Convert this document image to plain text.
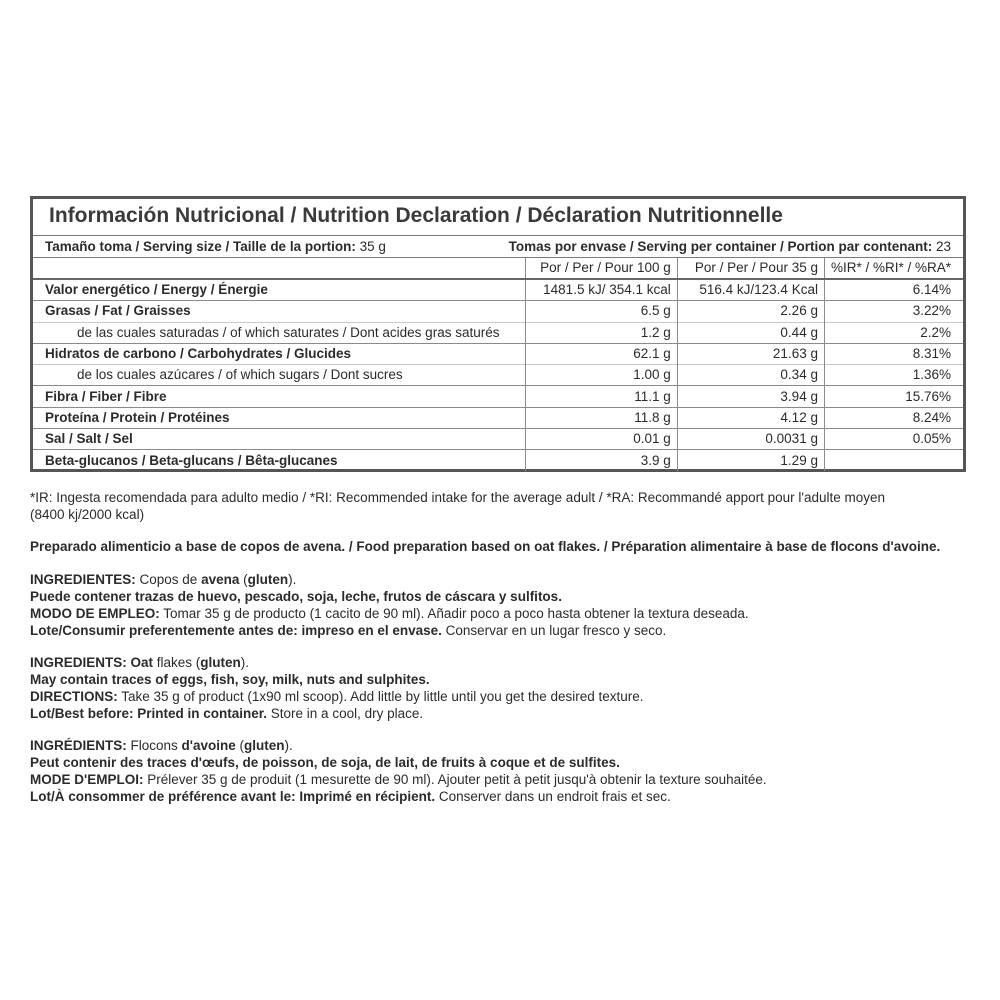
Información Nutricional / Nutrition Declaration / Déclaration Nutritionnelle
Tamaño toma / Serving size / Taille de la portion: 35 g	Tomas por envase / Serving per container / Portion par contenant: 23
	Por / Per / Pour 100 g	Por / Per / Pour 35 g	%IR* / %RI* / %RA*
Valor energético / Energy / Énergie	1481.5 kJ/ 354.1 kcal	516.4 kJ/123.4 Kcal	6.14%
Grasas / Fat / Graisses	6.5 g	2.26 g	3.22%
de las cuales saturadas / of which saturates / Dont acides gras saturés	1.2 g	0.44 g	2.2%
Hidratos de carbono / Carbohydrates / Glucides	62.1 g	21.63 g	8.31%
de los cuales azúcares / of which sugars / Dont sucres	1.00 g	0.34 g	1.36%
Fibra / Fiber / Fibre	11.1 g	3.94 g	15.76%
Proteína / Protein / Protéines	11.8 g	4.12 g	8.24%
Sal / Salt / Sel	0.01 g	0.0031 g	0.05%
Beta-glucanos / Beta-glucans / Bêta-glucanes	3.9 g	1.29 g	

*IR: Ingesta recomendada para adulto medio / *RI: Recommended intake for the average adult / *RA: Recommandé apport pour l'adulte moyen

(8400 kj/2000 kcal)

Preparado alimenticio a base de copos de avena. / Food preparation based on oat flakes. / Préparation alimentaire à base de flocons d'avoine.

INGREDIENTES: Copos de avena (gluten).

Puede contener trazas de huevo, pescado, soja, leche, frutos de cáscara y sulfitos.

MODO DE EMPLEO: Tomar 35 g de producto (1 cacito de 90 ml). Añadir poco a poco hasta obtener la textura deseada.

Lote/Consumir preferentemente antes de: impreso en el envase. Conservar en un lugar fresco y seco.

INGREDIENTS: Oat flakes (gluten).

May contain traces of eggs, fish, soy, milk, nuts and sulphites.

DIRECTIONS: Take 35 g of product (1x90 ml scoop). Add little by little until you get the desired texture.

Lot/Best before: Printed in container. Store in a cool, dry place.

INGRÉDIENTS: Flocons d'avoine (gluten).

Peut contenir des traces d'œufs, de poisson, de soja, de lait, de fruits à coque et de sulfites.

MODE D'EMPLOI: Prélever 35 g de produit (1 mesurette de 90 ml). Ajouter petit à petit jusqu'à obtenir la texture souhaitée.

Lot/À consommer de préférence avant le: Imprimé en récipient. Conserver dans un endroit frais et sec.
